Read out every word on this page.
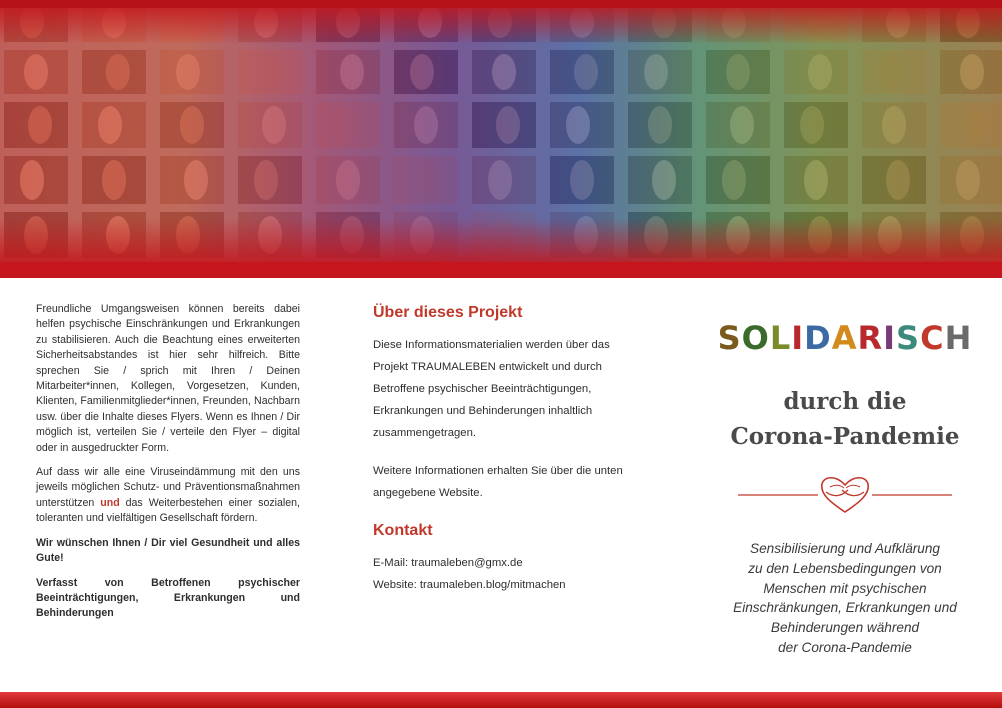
Freundliche Umgangsweisen können bereits dabei helfen psychische Einschränkungen und Erkrankungen zu stabilisieren. Auch die Beachtung eines erweiterten Sicherheitsabstandes ist hier sehr hilfreich. Bitte sprechen Sie / sprich mit Ihren / Deinen Mitarbeiter*innen, Kollegen, Vorgesetzen, Kunden, Klienten, Familienmitglieder*innen, Freunden, Nachbarn usw. über die Inhalte dieses Flyers. Wenn es Ihnen / Dir möglich ist, verteilen Sie / verteile den Flyer – digital oder in ausgedruckter Form.

Auf dass wir alle eine Viruseindämmung mit den uns jeweils möglichen Schutz- und Präventionsmaßnahmen unterstützen und das Weiterbestehen einer sozialen, toleranten und vielfältigen Gesellschaft fördern.

Wir wünschen Ihnen / Dir viel Gesundheit und alles Gute!

Verfasst von Betroffenen psychischer Beeinträchtigungen, Erkrankungen und Behinderungen

Über dieses Projekt

Diese Informationsmaterialien werden über das Projekt TRAUMALEBEN entwickelt und durch Betroffene psychischer Beeinträchtigungen, Erkrankungen und Behinderungen inhaltlich zusammengetragen.

Weitere Informationen erhalten Sie über die unten angegebene Website.

Kontakt
E-Mail: traumaleben@gmx.de
Website: traumaleben.blog/mitmachen
SOLIDARISCH
durch die
Corona-Pandemie
Sensibilisierung und Aufklärung
zu den Lebensbedingungen von
Menschen mit psychischen
Einschränkungen, Erkrankungen und
Behinderungen während
der Corona-Pandemie
